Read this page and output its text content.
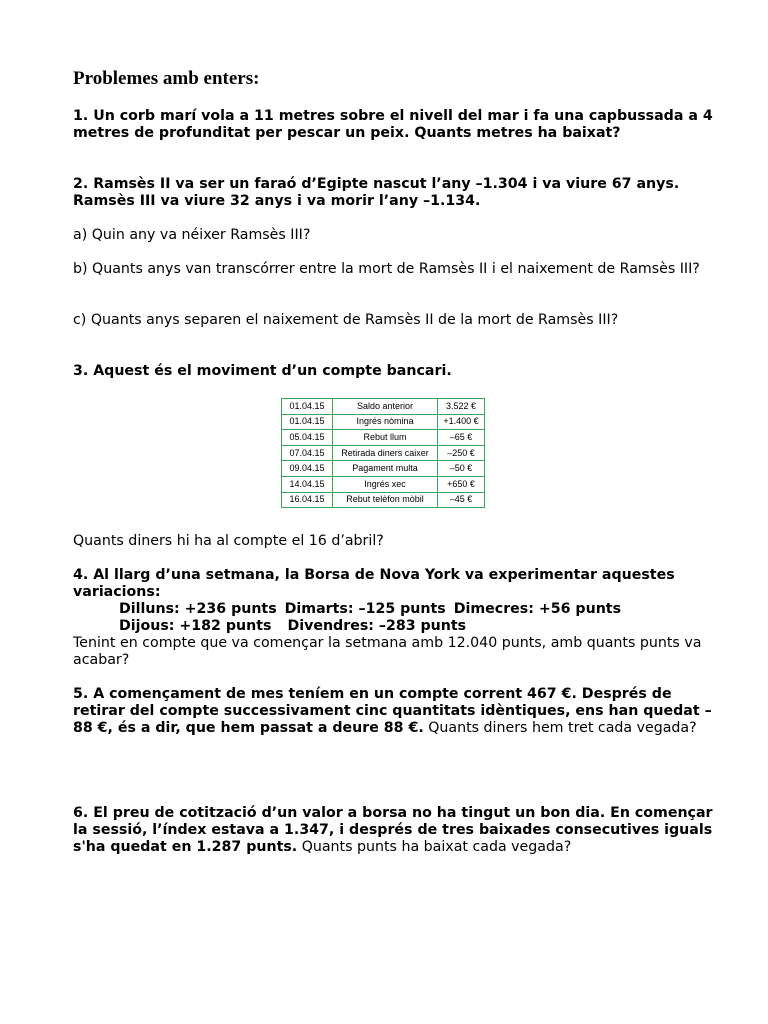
Problemes amb enters:

1. Un corb marí vola a 11 metres sobre el nivell del mar i fa una capbussada a 4 metres de profunditat per pescar un peix. Quants metres ha baixat?

2. Ramsès II va ser un faraó d’Egipte nascut l’any –1.304 i va viure 67 anys. Ramsès III va viure 32 anys i va morir l’any –1.134.

a) Quin any va néixer Ramsès III?

b) Quants anys van transcórrer entre la mort de Ramsès II i el naixement de Ramsès III?

c) Quants anys separen el naixement de Ramsès II de la mort de Ramsès III?

3. Aquest és el moviment d’un compte bancari.

01.04.15	Saldo anterior	3.522 €
01.04.15	Ingrés nòmina	+1.400 €
05.04.15	Rebut llum	–65 €
07.04.15	Retirada diners caixer	–250 €
09.04.15	Pagament multa	–50 €
14.04.15	Ingrés xec	+650 €
16.04.15	Rebut telèfon mòbil	–45 €

Quants diners hi ha al compte el 16 d’abril?

4. Al llarg d’una setmana, la Borsa de Nova York va experimentar aquestes variacions:
Dilluns: +236 punts Dimarts: –125 punts Dimecres: +56 punts
Dijous: +182 punts Divendres: –283 punts
Tenint en compte que va començar la setmana amb 12.040 punts, amb quants punts va acabar?

5. A començament de mes teníem en un compte corrent 467 €. Després de retirar del compte successivament cinc quantitats idèntiques, ens han quedat –88 €, és a dir, que hem passat a deure 88 €. Quants diners hem tret cada vegada?

6. El preu de cotització d’un valor a borsa no ha tingut un bon dia. En començar la sessió, l’índex estava a 1.347, i després de tres baixades consecutives iguals s'ha quedat en 1.287 punts. Quants punts ha baixat cada vegada?
